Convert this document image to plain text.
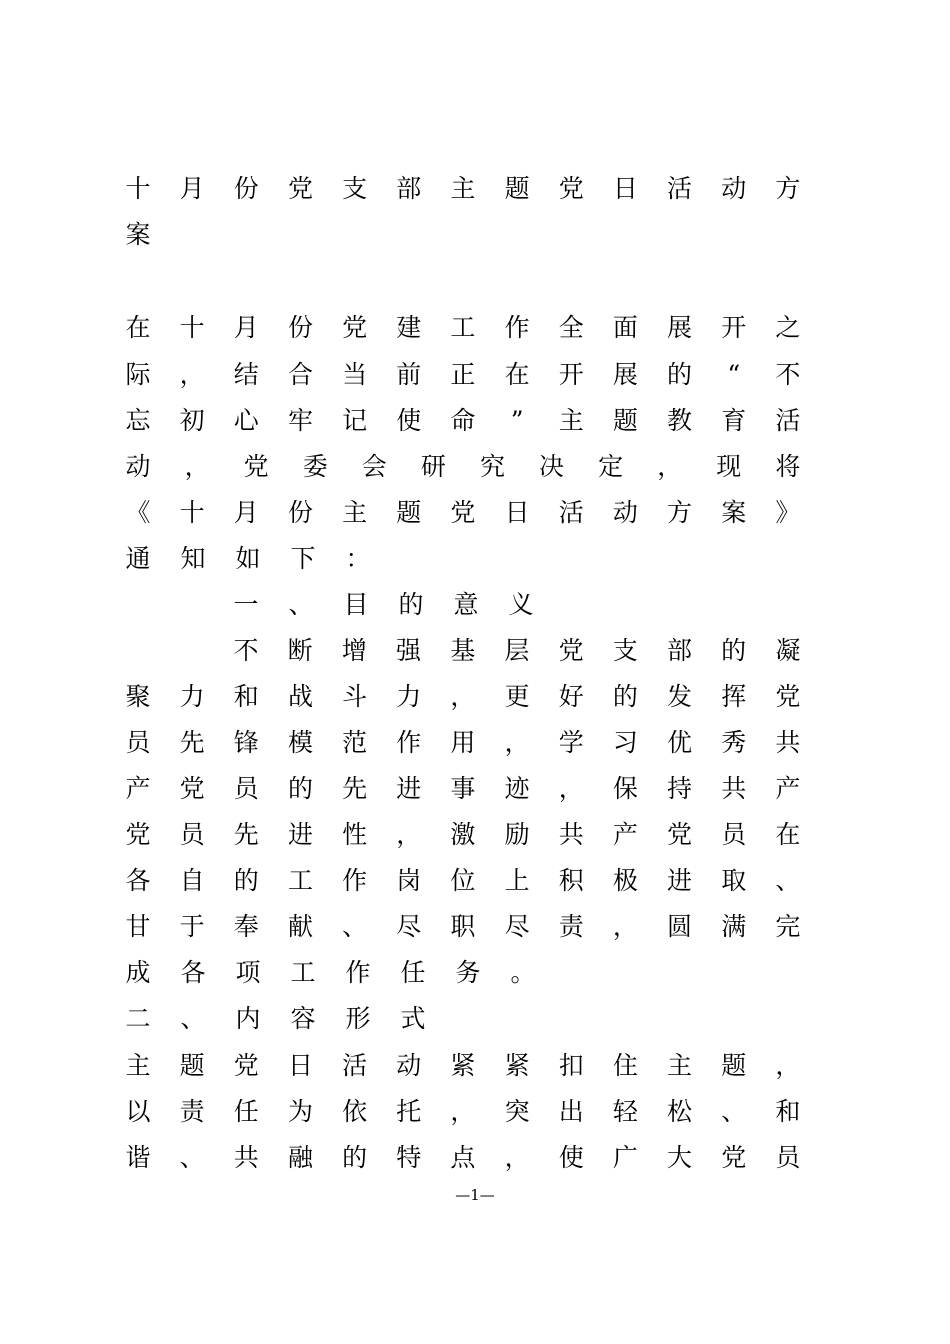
十 月 份 党 支 部 主 题 党 日 活 动 方
案
在 十 月 份 党 建 工 作 全 面 展 开 之
际 ， 结 合 当 前 正 在 开 展 的 “ 不
忘 初 心 牢 记 使 命 ” 主 题 教 育 活
动 ， 党 委 会 研 究 决 定 ， 现 将
《 十 月 份 主 题 党 日 活 动 方 案 》
通 知 如 下 ：
一 、 目 的 意 义
不 断 增 强 基 层 党 支 部 的 凝
聚 力 和 战 斗 力 ， 更 好 的 发 挥 党
员 先 锋 模 范 作 用 ， 学 习 优 秀 共
产 党 员 的 先 进 事 迹 ， 保 持 共 产
党 员 先 进 性 ， 激 励 共 产 党 员 在
各 自 的 工 作 岗 位 上 积 极 进 取 、
甘 于 奉 献 、 尽 职 尽 责 ， 圆 满 完
成 各 项 工 作 任 务 。
二 、 内 容 形 式
主 题 党 日 活 动 紧 紧 扣 住 主 题 ，
以 责 任 为 依 托 ， 突 出 轻 松 、 和
谐 、 共 融 的 特 点 ， 使 广 大 党 员
—1—
